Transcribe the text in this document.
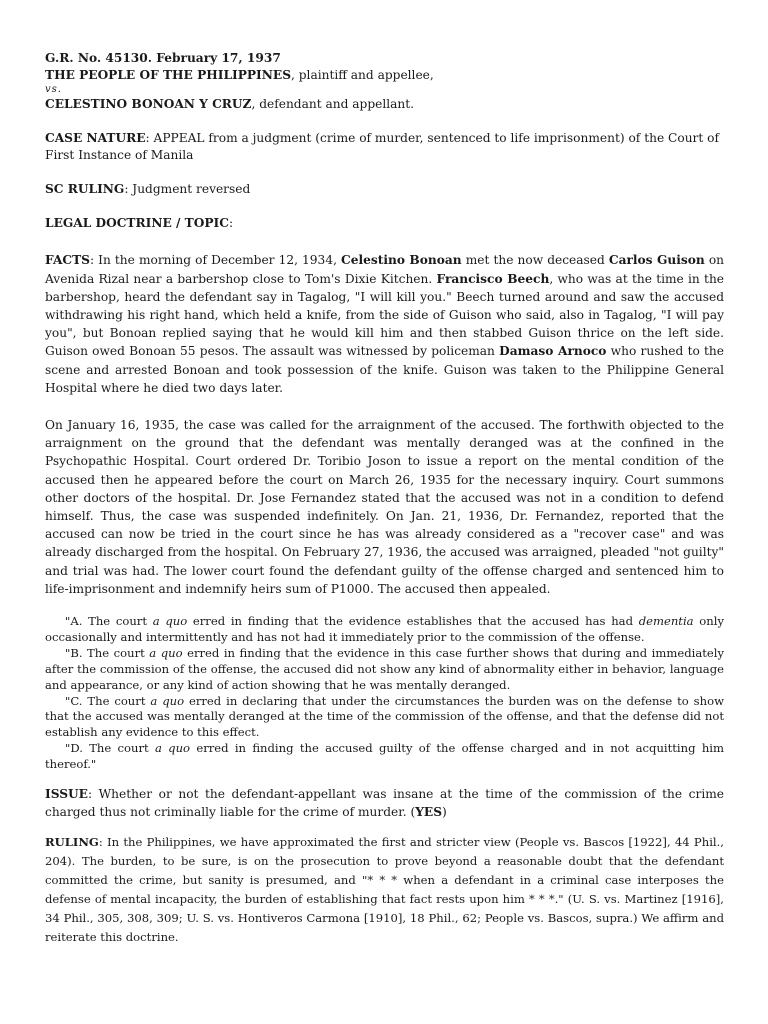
G.R. No. 45130. February 17, 1937
THE PEOPLE OF THE PHILIPPINES, plaintiff and appellee,
vs.
CELESTINO BONOAN Y CRUZ, defendant and appellant.

CASE NATURE: APPEAL from a judgment (crime of murder, sentenced to life imprisonment) of the Court of First Instance of Manila

SC RULING: Judgment reversed

LEGAL DOCTRINE / TOPIC:

FACTS: In the morning of December 12, 1934, Celestino Bonoan met the now deceased Carlos Guison on Avenida Rizal near a barbershop close to Tom's Dixie Kitchen. Francisco Beech, who was at the time in the barbershop, heard the defendant say in Tagalog, "I will kill you." Beech turned around and saw the accused withdrawing his right hand, which held a knife, from the side of Guison who said, also in Tagalog, "I will pay you", but Bonoan replied saying that he would kill him and then stabbed Guison thrice on the left side. Guison owed Bonoan 55 pesos. The assault was witnessed by policeman Damaso Arnoco who rushed to the scene and arrested Bonoan and took possession of the knife. Guison was taken to the Philippine General Hospital where he died two days later.

On January 16, 1935, the case was called for the arraignment of the accused. The forthwith objected to the arraignment on the ground that the defendant was mentally deranged was at the confined in the Psychopathic Hospital. Court ordered Dr. Toribio Joson to issue a report on the mental condition of the accused then he appeared before the court on March 26, 1935 for the necessary inquiry. Court summons other doctors of the hospital. Dr. Jose Fernandez stated that the accused was not in a condition to defend himself. Thus, the case was suspended indefinitely. On Jan. 21, 1936, Dr. Fernandez, reported that the accused can now be tried in the court since he has was already considered as a "recover case" and was already discharged from the hospital. On February 27, 1936, the accused was arraigned, pleaded "not guilty" and trial was had. The lower court found the defendant guilty of the offense charged and sentenced him to life-imprisonment and indemnify heirs sum of P1000. The accused then appealed.

"A. The court a quo erred in finding that the evidence establishes that the accused has had dementia only occasionally and intermittently and has not had it immediately prior to the commission of the offense.

"B. The court a quo erred in finding that the evidence in this case further shows that during and immediately after the commission of the offense, the accused did not show any kind of abnormality either in behavior, language and appearance, or any kind of action showing that he was mentally deranged.

"C. The court a quo erred in declaring that under the circumstances the burden was on the defense to show that the accused was mentally deranged at the time of the commission of the offense, and that the defense did not establish any evidence to this effect.

"D. The court a quo erred in finding the accused guilty of the offense charged and in not acquitting him thereof."

ISSUE: Whether or not the defendant-appellant was insane at the time of the commission of the crime charged thus not criminally liable for the crime of murder. (YES)

RULING: In the Philippines, we have approximated the first and stricter view (People vs. Bascos [1922], 44 Phil., 204). The burden, to be sure, is on the prosecution to prove beyond a reasonable doubt that the defendant committed the crime, but sanity is presumed, and "* * * when a defendant in a criminal case interposes the defense of mental incapacity, the burden of establishing that fact rests upon him * * *." (U. S. vs. Martinez [1916], 34 Phil., 305, 308, 309; U. S. vs. Hontiveros Carmona [1910], 18 Phil., 62; People vs. Bascos, supra.) We affirm and reiterate this doctrine.
